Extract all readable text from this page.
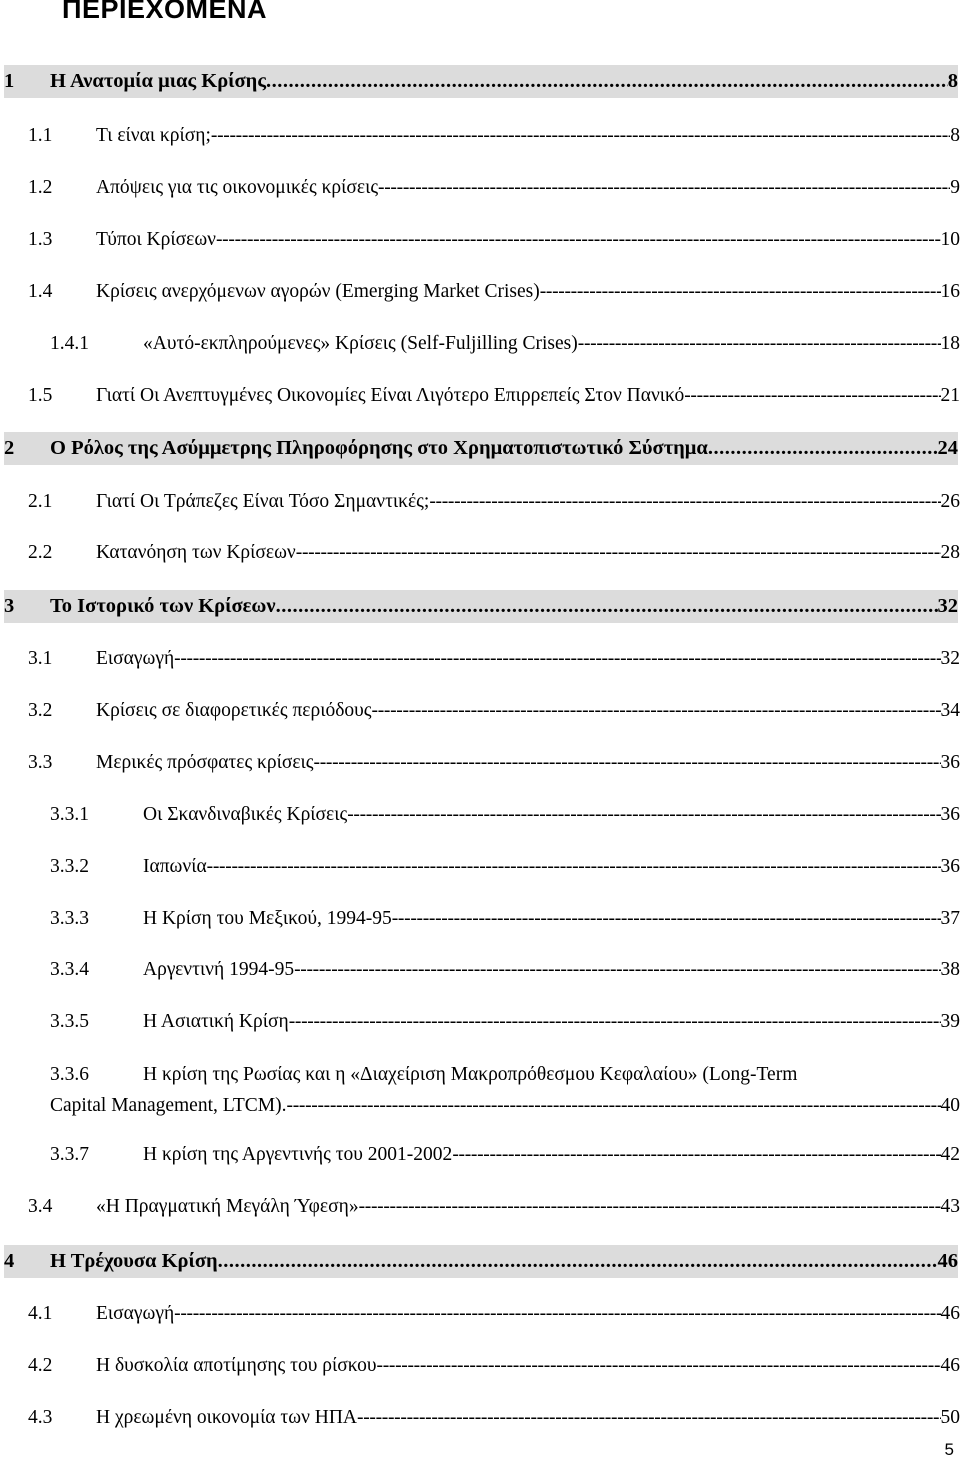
ΠΕΡΙΕΧΟΜΕΝΑ
1	Η Ανατομία μιας Κρίσης .....	8
1.1	Τι είναι κρίση; -----	8
1.2	Απόψεις για τις οικονομικές κρίσεις -----	9
1.3	Τύποι Κρίσεων -----	10
1.4	Κρίσεις ανερχόμενων αγορών (Emerging Market Crises) -----	16
1.4.1	«Αυτό-εκπληρούμενες» Κρίσεις (Self-Fuljilling Crises) -----	18
1.5	Γιατί Οι Ανεπτυγμένες Οικονομίες Είναι Λιγότερο Επιρρεπείς Στον Πανικό -----	21
2	Ο Ρόλος της Ασύμμετρης Πληροφόρησης στο Χρηματοπιστωτικό Σύστημα .....	24
2.1	Γιατί Οι Τράπεζες Είναι Τόσο Σημαντικές; -----	26
2.2	Κατανόηση των Κρίσεων -----	28
3	Το Ιστορικό των Κρίσεων .....	32
3.1	Εισαγωγή -----	32
3.2	Κρίσεις σε διαφορετικές περιόδους -----	34
3.3	Μερικές πρόσφατες κρίσεις -----	36
3.3.1	Οι Σκανδιναβικές Κρίσεις -----	36
3.3.2	Ιαπωνία -----	36
3.3.3	Η Κρίση του Μεξικού, 1994-95 -----	37
3.3.4	Αργεντινή 1994-95 -----	38
3.3.5	Η Ασιατική Κρίση -----	39
3.3.6	Η κρίση της Ρωσίας και η «Διαχείριση Μακροπρόθεσμου Κεφαλαίου» (Long-Term
Capital Management, LTCM). -----	40
3.3.7	Η κρίση της Αργεντινής του 2001-2002 -----	42
3.4	«Η Πραγματική Μεγάλη Ύφεση» -----	43
4	Η Τρέχουσα Κρίση .....	46
4.1	Εισαγωγή -----	46
4.2	Η δυσκολία αποτίμησης του ρίσκου -----	46
4.3	Η χρεωμένη οικονομία των ΗΠΑ -----	50
5
